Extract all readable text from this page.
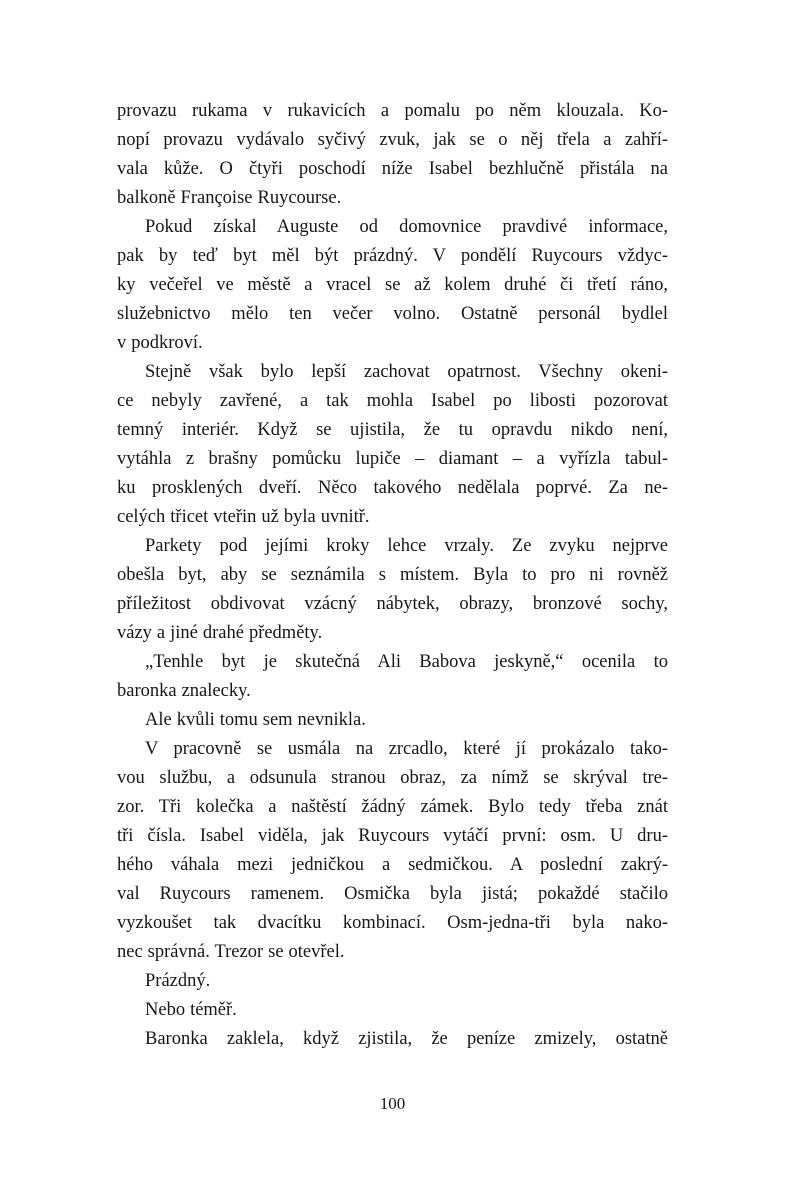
provazu rukama v rukavicích a pomalu po něm klouzala. Ko-
nopí provazu vydávalo syčivý zvuk, jak se o něj třela a zahří-
vala kůže. O čtyři poschodí níže Isabel bezhlučně přistála na
balkoně Françoise Ruycourse.
Pokud získal Auguste od domovnice pravdivé informace,
pak by teď byt měl být prázdný. V pondělí Ruycours vždyc-
ky večeřel ve městě a vracel se až kolem druhé či třetí ráno,
služebnictvo mělo ten večer volno. Ostatně personál bydlel
v podkroví.
Stejně však bylo lepší zachovat opatrnost. Všechny okeni-
ce nebyly zavřené, a tak mohla Isabel po libosti pozorovat
temný interiér. Když se ujistila, že tu opravdu nikdo není,
vytáhla z brašny pomůcku lupiče – diamant – a vyřízla tabul-
ku prosklených dveří. Něco takového nedělala poprvé. Za ne-
celých třicet vteřin už byla uvnitř.
Parkety pod jejími kroky lehce vrzaly. Ze zvyku nejprve
obešla byt, aby se seznámila s místem. Byla to pro ni rovněž
příležitost obdivovat vzácný nábytek, obrazy, bronzové sochy,
vázy a jiné drahé předměty.
„Tenhle byt je skutečná Ali Babova jeskyně,“ ocenila to
baronka znalecky.
Ale kvůli tomu sem nevnikla.
V pracovně se usmála na zrcadlo, které jí prokázalo tako-
vou službu, a odsunula stranou obraz, za nímž se skrýval tre-
zor. Tři kolečka a naštěstí žádný zámek. Bylo tedy třeba znát
tři čísla. Isabel viděla, jak Ruycours vytáčí první: osm. U dru-
hého váhala mezi jedničkou a sedmičkou. A poslední zakrý-
val Ruycours ramenem. Osmička byla jistá; pokaždé stačilo
vyzkoušet tak dvacítku kombinací. Osm-jedna-tři byla nako-
nec správná. Trezor se otevřel.
Prázdný.
Nebo téměř.
Baronka zaklela, když zjistila, že peníze zmizely, ostatně
100
